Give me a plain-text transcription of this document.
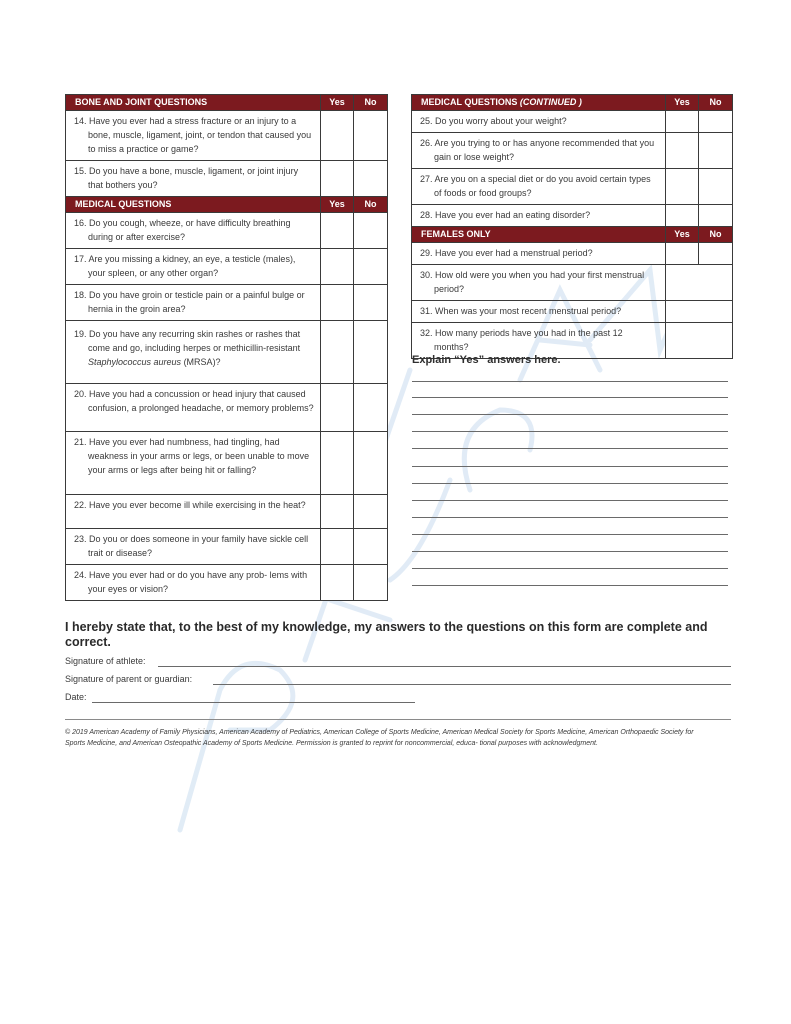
BONE AND JOINT QUESTIONS	Yes	No
14. Have you ever had a stress fracture or an injury to a bone, muscle, ligament, joint, or tendon that caused you to miss a practice or game?		
15. Do you have a bone, muscle, ligament, or joint injury that bothers you?		
MEDICAL QUESTIONS	Yes	No
16. Do you cough, wheeze, or have difficulty breathing during or after exercise?		
17. Are you missing a kidney, an eye, a testicle (males), your spleen, or any other organ?		
18. Do you have groin or testicle pain or a painful bulge or hernia in the groin area?		
19. Do you have any recurring skin rashes or rashes that come and go, including herpes or methicillin-resistant Staphylococcus aureus (MRSA)?		
20. Have you had a concussion or head injury that caused confusion, a prolonged headache, or memory problems?		
21. Have you ever had numbness, had tingling, had weakness in your arms or legs, or been unable to move your arms or legs after being hit or falling?		
22. Have you ever become ill while exercising in the heat?		
23. Do you or does someone in your family have sickle cell trait or disease?		
24. Have you ever had or do you have any prob- lems with your eyes or vision?		
MEDICAL QUESTIONS (CONTINUED )	Yes	No
25. Do you worry about your weight?		
26. Are you trying to or has anyone recommended that you gain or lose weight?		
27. Are you on a special diet or do you avoid certain types of foods or food groups?		
28. Have you ever had an eating disorder?		
FEMALES ONLY	Yes	No
29. Have you ever had a menstrual period?		
30. How old were you when you had your first menstrual period?		
31. When was your most recent menstrual period?		
32. How many periods have you had in the past 12 months?		
Explain “Yes” answers here.
I hereby state that, to the best of my knowledge, my answers to the questions on this form are complete and correct.
Signature of athlete:
Signature of parent or guardian:
Date:
© 2019 American Academy of Family Physicians, American Academy of Pediatrics, American College of Sports Medicine, American Medical Society for Sports Medicine, American Orthopaedic Society for Sports Medicine, and American Osteopathic Academy of Sports Medicine. Permission is granted to reprint for noncommercial, educa- tional purposes with acknowledgment.
